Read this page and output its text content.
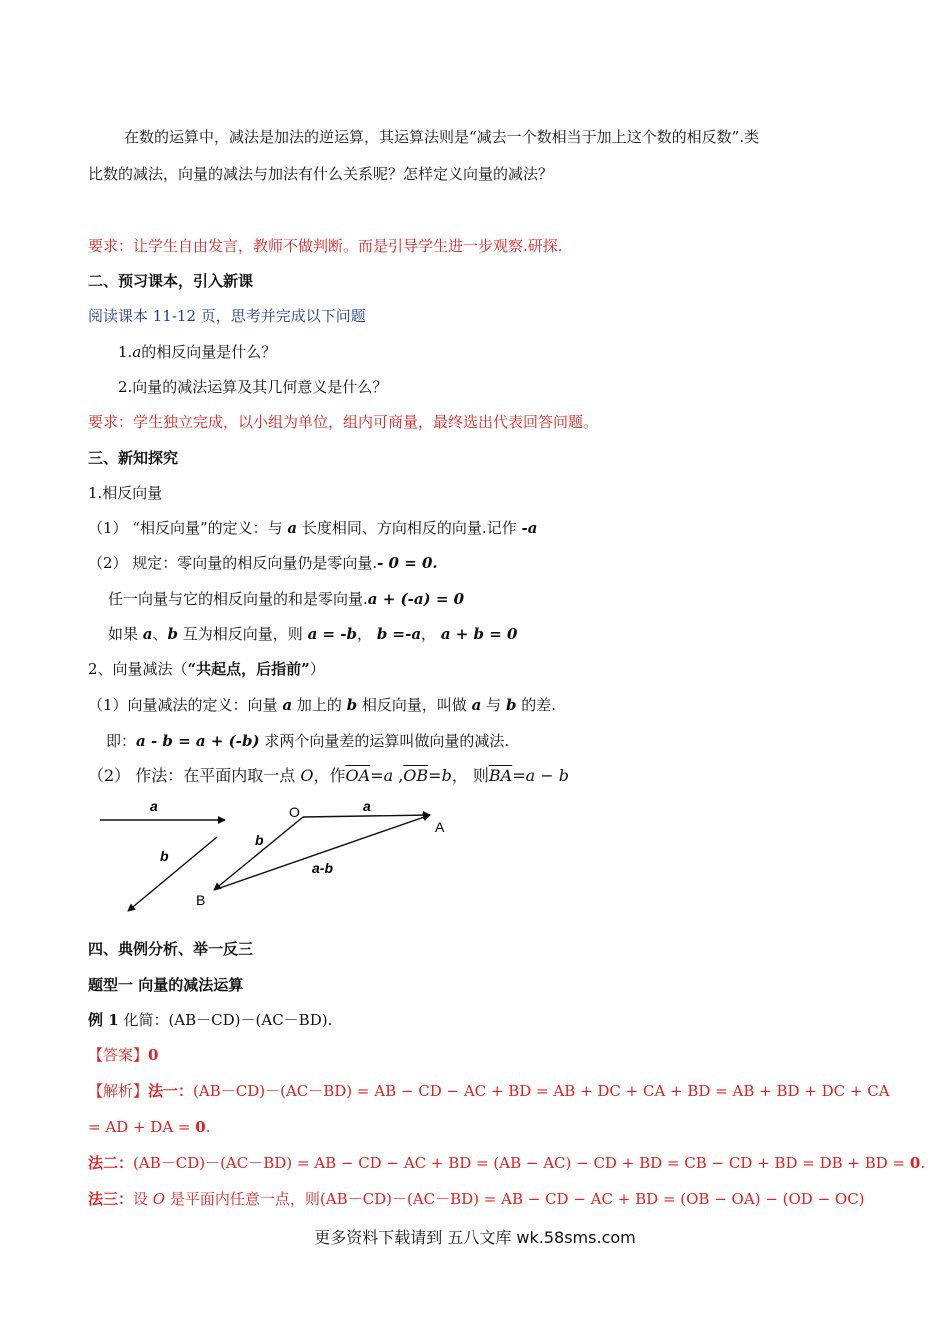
在数的运算中，减法是加法的逆运算，其运算法则是“减去一个数相当于加上这个数的相反数”.类
比数的减法，向量的减法与加法有什么关系呢？怎样定义向量的减法？
要求：让学生自由发言，教师不做判断。而是引导学生进一步观察.研探.
二、预习课本，引入新课
阅读课本 11-12 页，思考并完成以下问题
1.a的相反向量是什么？
2.向量的减法运算及其几何意义是什么？
要求：学生独立完成，以小组为单位，组内可商量，最终选出代表回答问题。
三、新知探究
1.相反向量
（1） “相反向量”的定义：与 a 长度相同、方向相反的向量.记作 -a
（2） 规定：零向量的相反向量仍是零向量.- 0 = 0.
任一向量与它的相反向量的和是零向量.a + (-a) = 0
如果 a、b 互为相反向量，则 a = -b， b =-a， a + b = 0
2、向量减法（“共起点，后指前”）
（1）向量减法的定义：向量 a 加上的 b 相反向量，叫做 a 与 b 的差.
即：a - b = a + (-b) 求两个向量差的运算叫做向量的减法.
（2） 作法：在平面内取一点 O，作$\overline{OA}=a$ $,\overline{OB}=b$， 则$\overline{BA}=a - b$
a
b
O	a
A
b
a-b
B
四、典例分析、举一反三
题型一 向量的减法运算
例 1 化简：(AB－CD)－(AC－BD).
【答案】0
【解析】法一：(AB－CD)－(AC－BD) = AB − CD − AC + BD = AB + DC + CA + BD = AB + BD + DC + CA
= AD + DA = 0.
法二：(AB－CD)－(AC－BD) = AB − CD − AC + BD = (AB − AC) − CD + BD = CB − CD + BD = DB + BD = 0.
法三：设 O 是平面内任意一点，则(AB－CD)－(AC－BD) = AB − CD − AC + BD = (OB − OA) − (OD − OC)
更多资料下载请到 五八文库 wk.58sms.com
